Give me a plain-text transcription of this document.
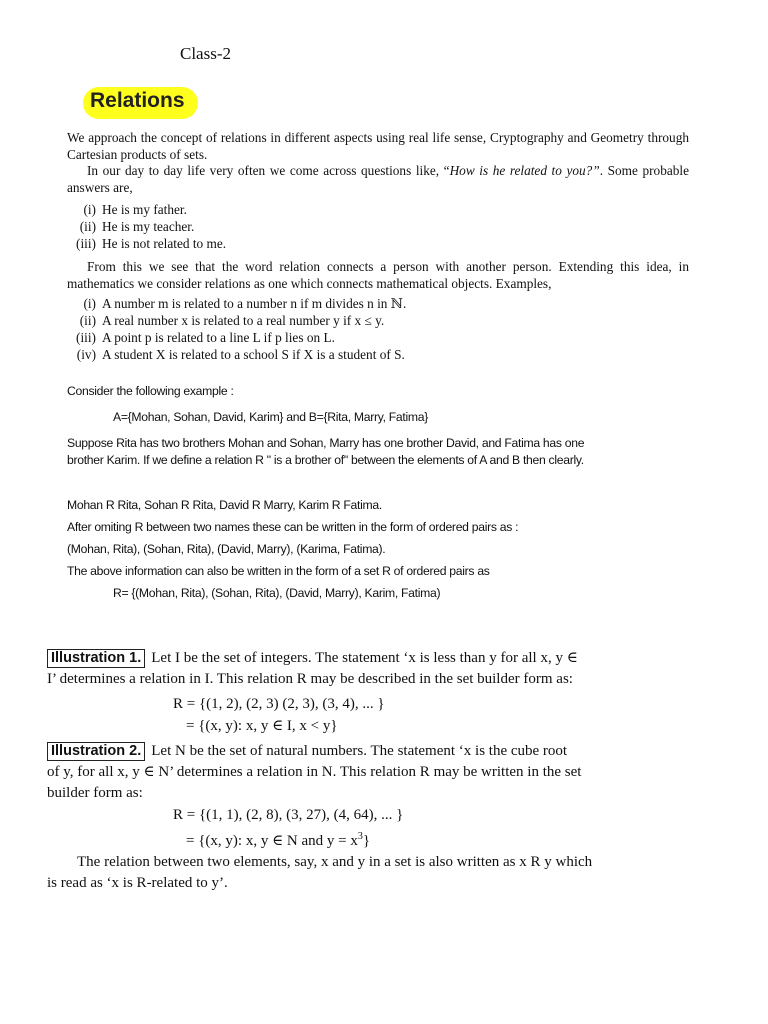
Class-2
Relations
We approach the concept of relations in different aspects using real life sense, Cryptography and Geometry through Cartesian products of sets.
In our day to day life very often we come across questions like, “How is he related to you?”. Some probable answers are,
(i) He is my father.
(ii) He is my teacher.
(iii) He is not related to me.
From this we see that the word relation connects a person with another person. Extending this idea, in mathematics we consider relations as one which connects mathematical objects. Examples,
(i) A number m is related to a number n if m divides n in ℕ.
(ii) A real number x is related to a real number y if x ≤ y.
(iii) A point p is related to a line L if p lies on L.
(iv) A student X is related to a school S if X is a student of S.
Consider the following example :
A={Mohan, Sohan, David, Karim} and B={Rita, Marry, Fatima}
Suppose Rita has two brothers Mohan and Sohan, Marry has one brother David, and Fatima has one brother Karim. If we define a relation R " is a brother of" between the elements of A and B then clearly.
Mohan R Rita, Sohan R Rita, David R Marry, Karim R Fatima.
After omiting R between two names these can be written in the form of ordered pairs as :
(Mohan, Rita), (Sohan, Rita), (David, Marry), (Karima, Fatima).
The above information can also be written in the form of a set R of ordered pairs as
R= {(Mohan, Rita), (Sohan, Rita), (David, Marry), Karim, Fatima)
Illustration 1. Let I be the set of integers. The statement ‘x is less than y for all x, y ∈
I’ determines a relation in I. This relation R may be described in the set builder form as:
R = {(1, 2), (2, 3) (2, 3), (3, 4), ... }
= {(x, y): x, y ∈ I, x < y}
Illustration 2. Let N be the set of natural numbers. The statement ‘x is the cube root
of y, for all x, y ∈ N’ determines a relation in N. This relation R may be written in the set
builder form as:
R = {(1, 1), (2, 8), (3, 27), (4, 64), ... }
= {(x, y): x, y ∈ N and $y = x^3$}
The relation between two elements, say, x and y in a set is also written as x R y which
is read as ‘x is R-related to y’.
